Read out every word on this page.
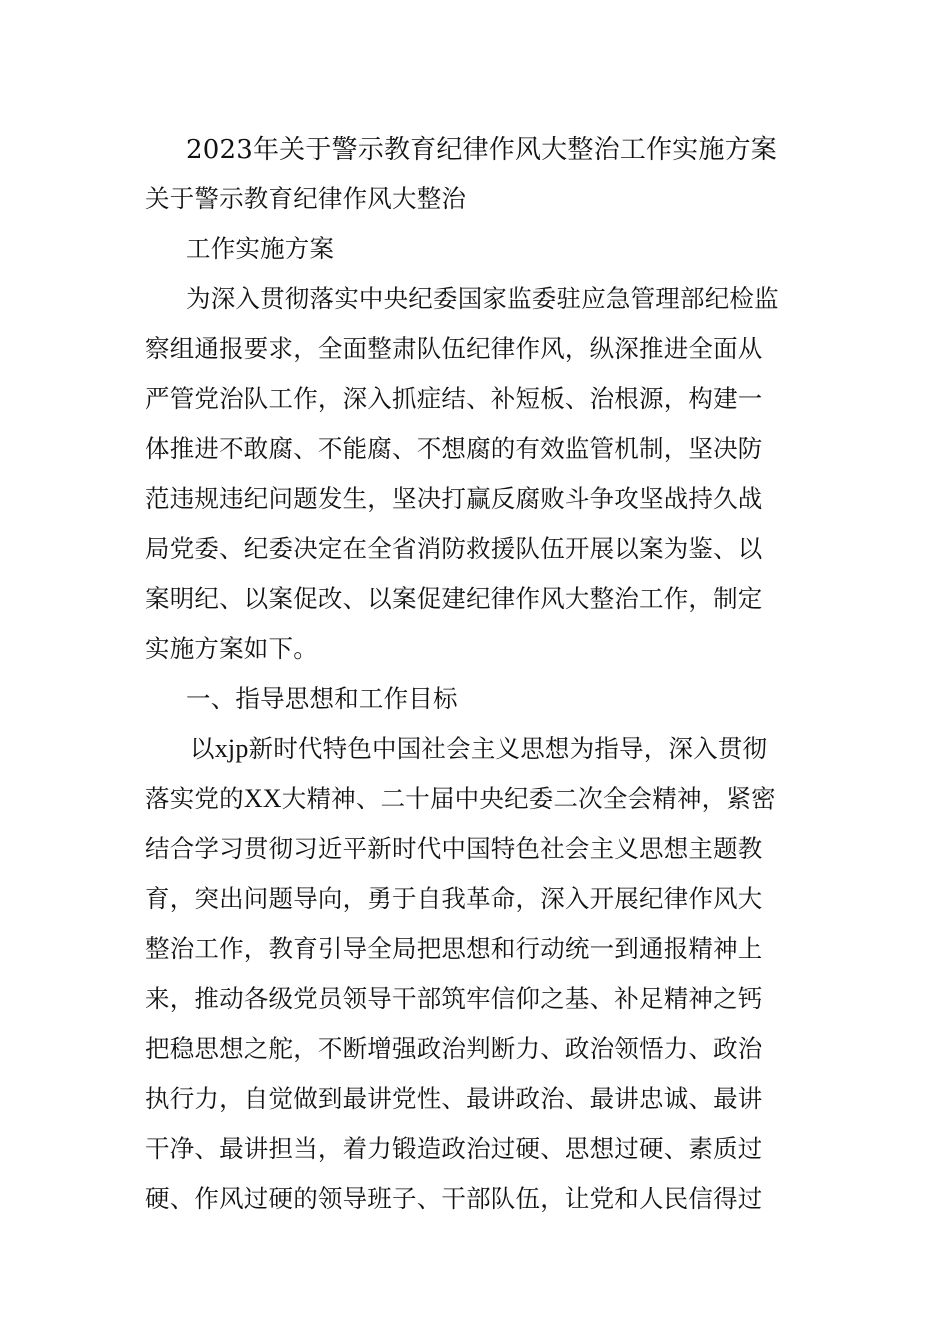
2023年关于警示教育纪律作风大整治工作实施方案
关于警示教育纪律作风大整治
工作实施方案
为深入贯彻落实中央纪委国家监委驻应急管理部纪检监
察组通报要求，全面整肃队伍纪律作风，纵深推进全面从
严管党治队工作，深入抓症结、补短板、治根源，构建一
体推进不敢腐、不能腐、不想腐的有效监管机制，坚决防
范违规违纪问题发生，坚决打赢反腐败斗争攻坚战持久战
局党委、纪委决定在全省消防救援队伍开展以案为鉴、以
案明纪、以案促改、以案促建纪律作风大整治工作，制定
实施方案如下。
一、指导思想和工作目标
以xjp新时代特色中国社会主义思想为指导，深入贯彻
落实党的XX大精神、二十届中央纪委二次全会精神，紧密
结合学习贯彻习近平新时代中国特色社会主义思想主题教
育，突出问题导向，勇于自我革命，深入开展纪律作风大
整治工作，教育引导全局把思想和行动统一到通报精神上
来，推动各级党员领导干部筑牢信仰之基、补足精神之钙
把稳思想之舵，不断增强政治判断力、政治领悟力、政治
执行力，自觉做到最讲党性、最讲政治、最讲忠诚、最讲
干净、最讲担当，着力锻造政治过硬、思想过硬、素质过
硬、作风过硬的领导班子、干部队伍，让党和人民信得过
